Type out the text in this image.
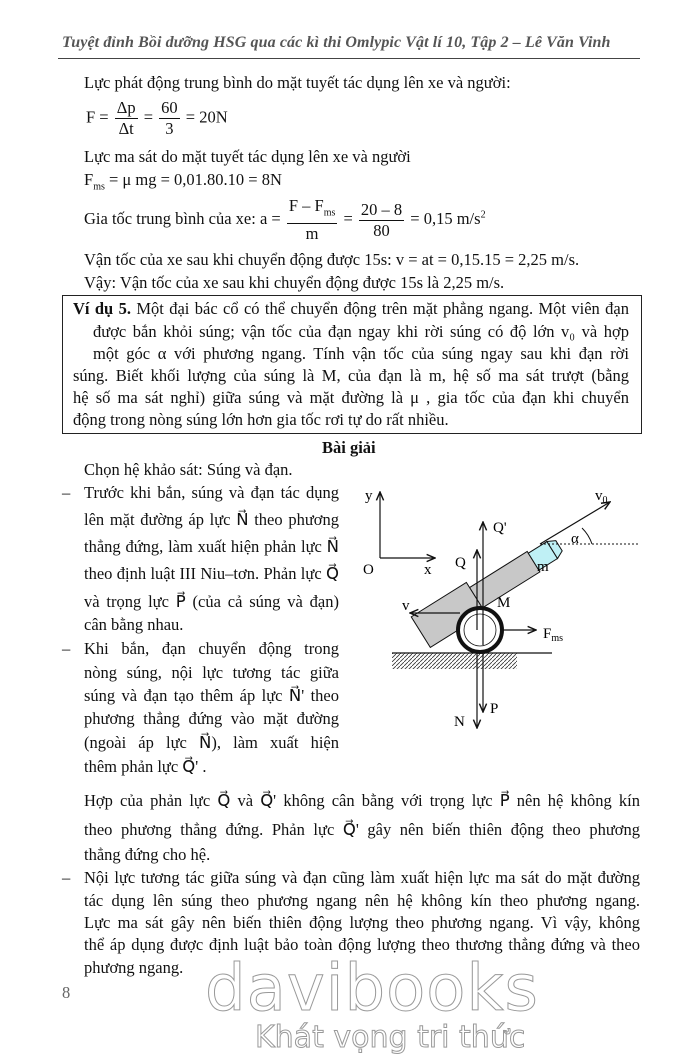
Tuyệt đỉnh Bồi dưỡng HSG qua các kì thi Omlypic Vật lí 10, Tập 2 – Lê Văn Vinh
Lực phát động trung bình do mặt tuyết tác dụng lên xe và người:
$F = \frac{\Delta p}{\Delta t} = \frac{60}{3} = 20N$
Lực ma sát do mặt tuyết tác dụng lên xe và người
$F_{ms} = \mu$ mg = 0,01.80.10 = 8N
Gia tốc trung bình của xe: $a = \frac{F - F_{ms}}{m} = \frac{20 - 8}{80} = 0,15$ $m/s^2$
Vận tốc của xe sau khi chuyển động được 15s: v = at = 0,15.15 = 2,25 m/s.
Vậy: Vận tốc của xe sau khi chuyển động được 15s là 2,25 m/s.
Ví dụ 5. Một đại bác cổ có thể chuyển động trên mặt phẳng ngang. Một viên đạn
được bắn khỏi súng; vận tốc của đạn ngay khi rời súng có độ lớn v₀ và hợp
một góc α với phương ngang. Tính vận tốc của súng ngay sau khi đạn rời
súng. Biết khối lượng của súng là M, của đạn là m, hệ số ma sát trượt (bằng
hệ số ma sát nghỉ) giữa súng và mặt đường là μ , gia tốc của đạn khi chuyển
động trong nòng súng lớn hơn gia tốc rơi tự do rất nhiều.
Bài giải
Chọn hệ khảo sát: Súng và đạn.
– Trước khi bắn, súng và đạn tác dụng
lên mặt đường áp lực N⃗ theo phương
thẳng đứng, làm xuất hiện phản lực N⃗
theo định luật III Niu–tơn. Phản lực Q⃗
và trọng lực P⃗ (của cả súng và đạn)
cân bằng nhau.
– Khi bắn, đạn chuyển động trong
nòng súng, nội lực tương tác giữa
súng và đạn tạo thêm áp lực N⃗' theo
phương thẳng đứng vào mặt đường
(ngoài áp lực N⃗), làm xuất hiện
thêm phản lực Q⃗' .
y
x
O
Q'
Q
$v_0$
α
m
M
v
$F_{ms}$
P
N
Hợp của phản lực Q⃗ và Q⃗' không cân bằng với trọng lực P⃗ nên hệ không kín
theo phương thẳng đứng. Phản lực Q⃗' gây nên biến thiên động theo phương
thẳng đứng cho hệ.
– Nội lực tương tác giữa súng và đạn cũng làm xuất hiện lực ma sát do mặt đường
tác dụng lên súng theo phương ngang nên hệ không kín theo phương ngang.
Lực ma sát gây nên biến thiên động lượng theo phương ngang. Vì vậy, không
thể áp dụng được định luật bảo toàn động lượng theo thương thẳng đứng và theo
phương ngang.
8 davibooks
Khát vọng tri thức
